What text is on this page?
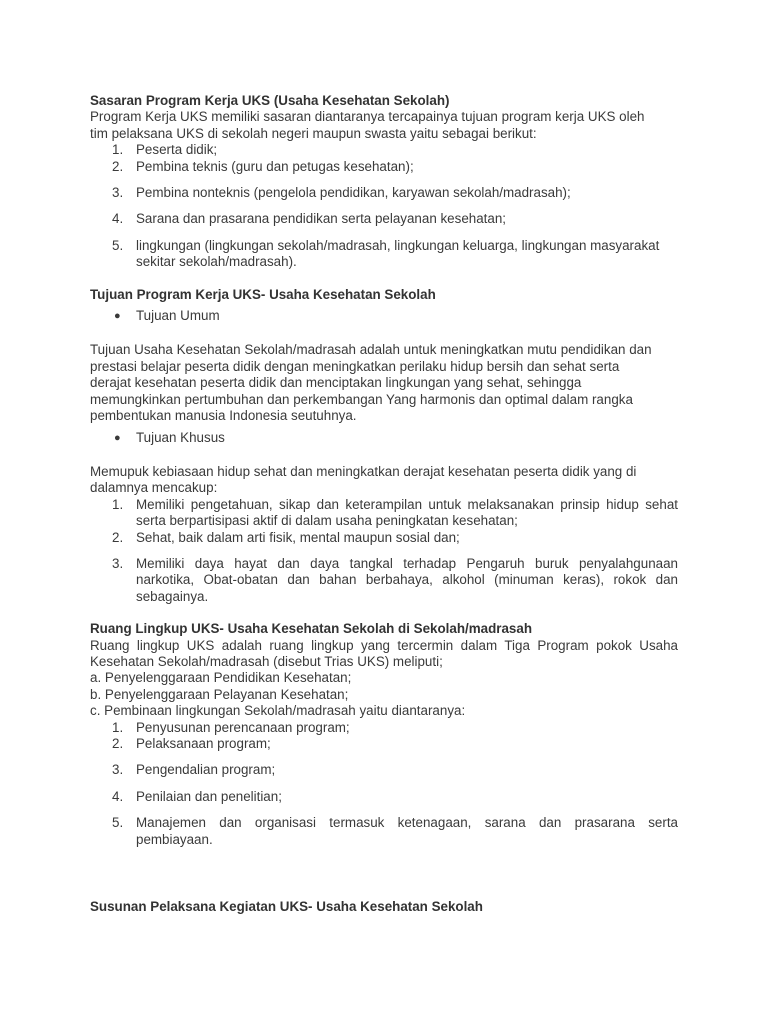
Sasaran Program Kerja UKS (Usaha Kesehatan Sekolah)
Program Kerja UKS memiliki sasaran diantaranya tercapainya tujuan program kerja UKS oleh
tim pelaksana UKS di sekolah negeri maupun swasta yaitu sebagai berikut:
1. Peserta didik;
2. Pembina teknis (guru dan petugas kesehatan);
3. Pembina nonteknis (pengelola pendidikan, karyawan sekolah/madrasah);
4. Sarana dan prasarana pendidikan serta pelayanan kesehatan;
5. lingkungan (lingkungan sekolah/madrasah, lingkungan keluarga, lingkungan masyarakat
sekitar sekolah/madrasah).
Tujuan Program Kerja UKS- Usaha Kesehatan Sekolah
● Tujuan Umum
Tujuan Usaha Kesehatan Sekolah/madrasah adalah untuk meningkatkan mutu pendidikan dan
prestasi belajar peserta didik dengan meningkatkan perilaku hidup bersih dan sehat serta
derajat kesehatan peserta didik dan menciptakan lingkungan yang sehat, sehingga
memungkinkan pertumbuhan dan perkembangan Yang harmonis dan optimal dalam rangka
pembentukan manusia Indonesia seutuhnya.
● Tujuan Khusus
Memupuk kebiasaan hidup sehat dan meningkatkan derajat kesehatan peserta didik yang di
dalamnya mencakup:
1. Memiliki pengetahuan, sikap dan keterampilan untuk melaksanakan prinsip hidup sehat
serta berpartisipasi aktif di dalam usaha peningkatan kesehatan;
2. Sehat, baik dalam arti fisik, mental maupun sosial dan;
3. Memiliki daya hayat dan daya tangkal terhadap Pengaruh buruk penyalahgunaan
narkotika, Obat-obatan dan bahan berbahaya, alkohol (minuman keras), rokok dan
sebagainya.
Ruang Lingkup UKS- Usaha Kesehatan Sekolah di Sekolah/madrasah
Ruang lingkup UKS adalah ruang lingkup yang tercermin dalam Tiga Program pokok Usaha
Kesehatan Sekolah/madrasah (disebut Trias UKS) meliputi;
a. Penyelenggaraan Pendidikan Kesehatan;
b. Penyelenggaraan Pelayanan Kesehatan;
c. Pembinaan lingkungan Sekolah/madrasah yaitu diantaranya:
1. Penyusunan perencanaan program;
2. Pelaksanaan program;
3. Pengendalian program;
4. Penilaian dan penelitian;
5. Manajemen dan organisasi termasuk ketenagaan, sarana dan prasarana serta
pembiayaan.
Susunan Pelaksana Kegiatan UKS- Usaha Kesehatan Sekolah
